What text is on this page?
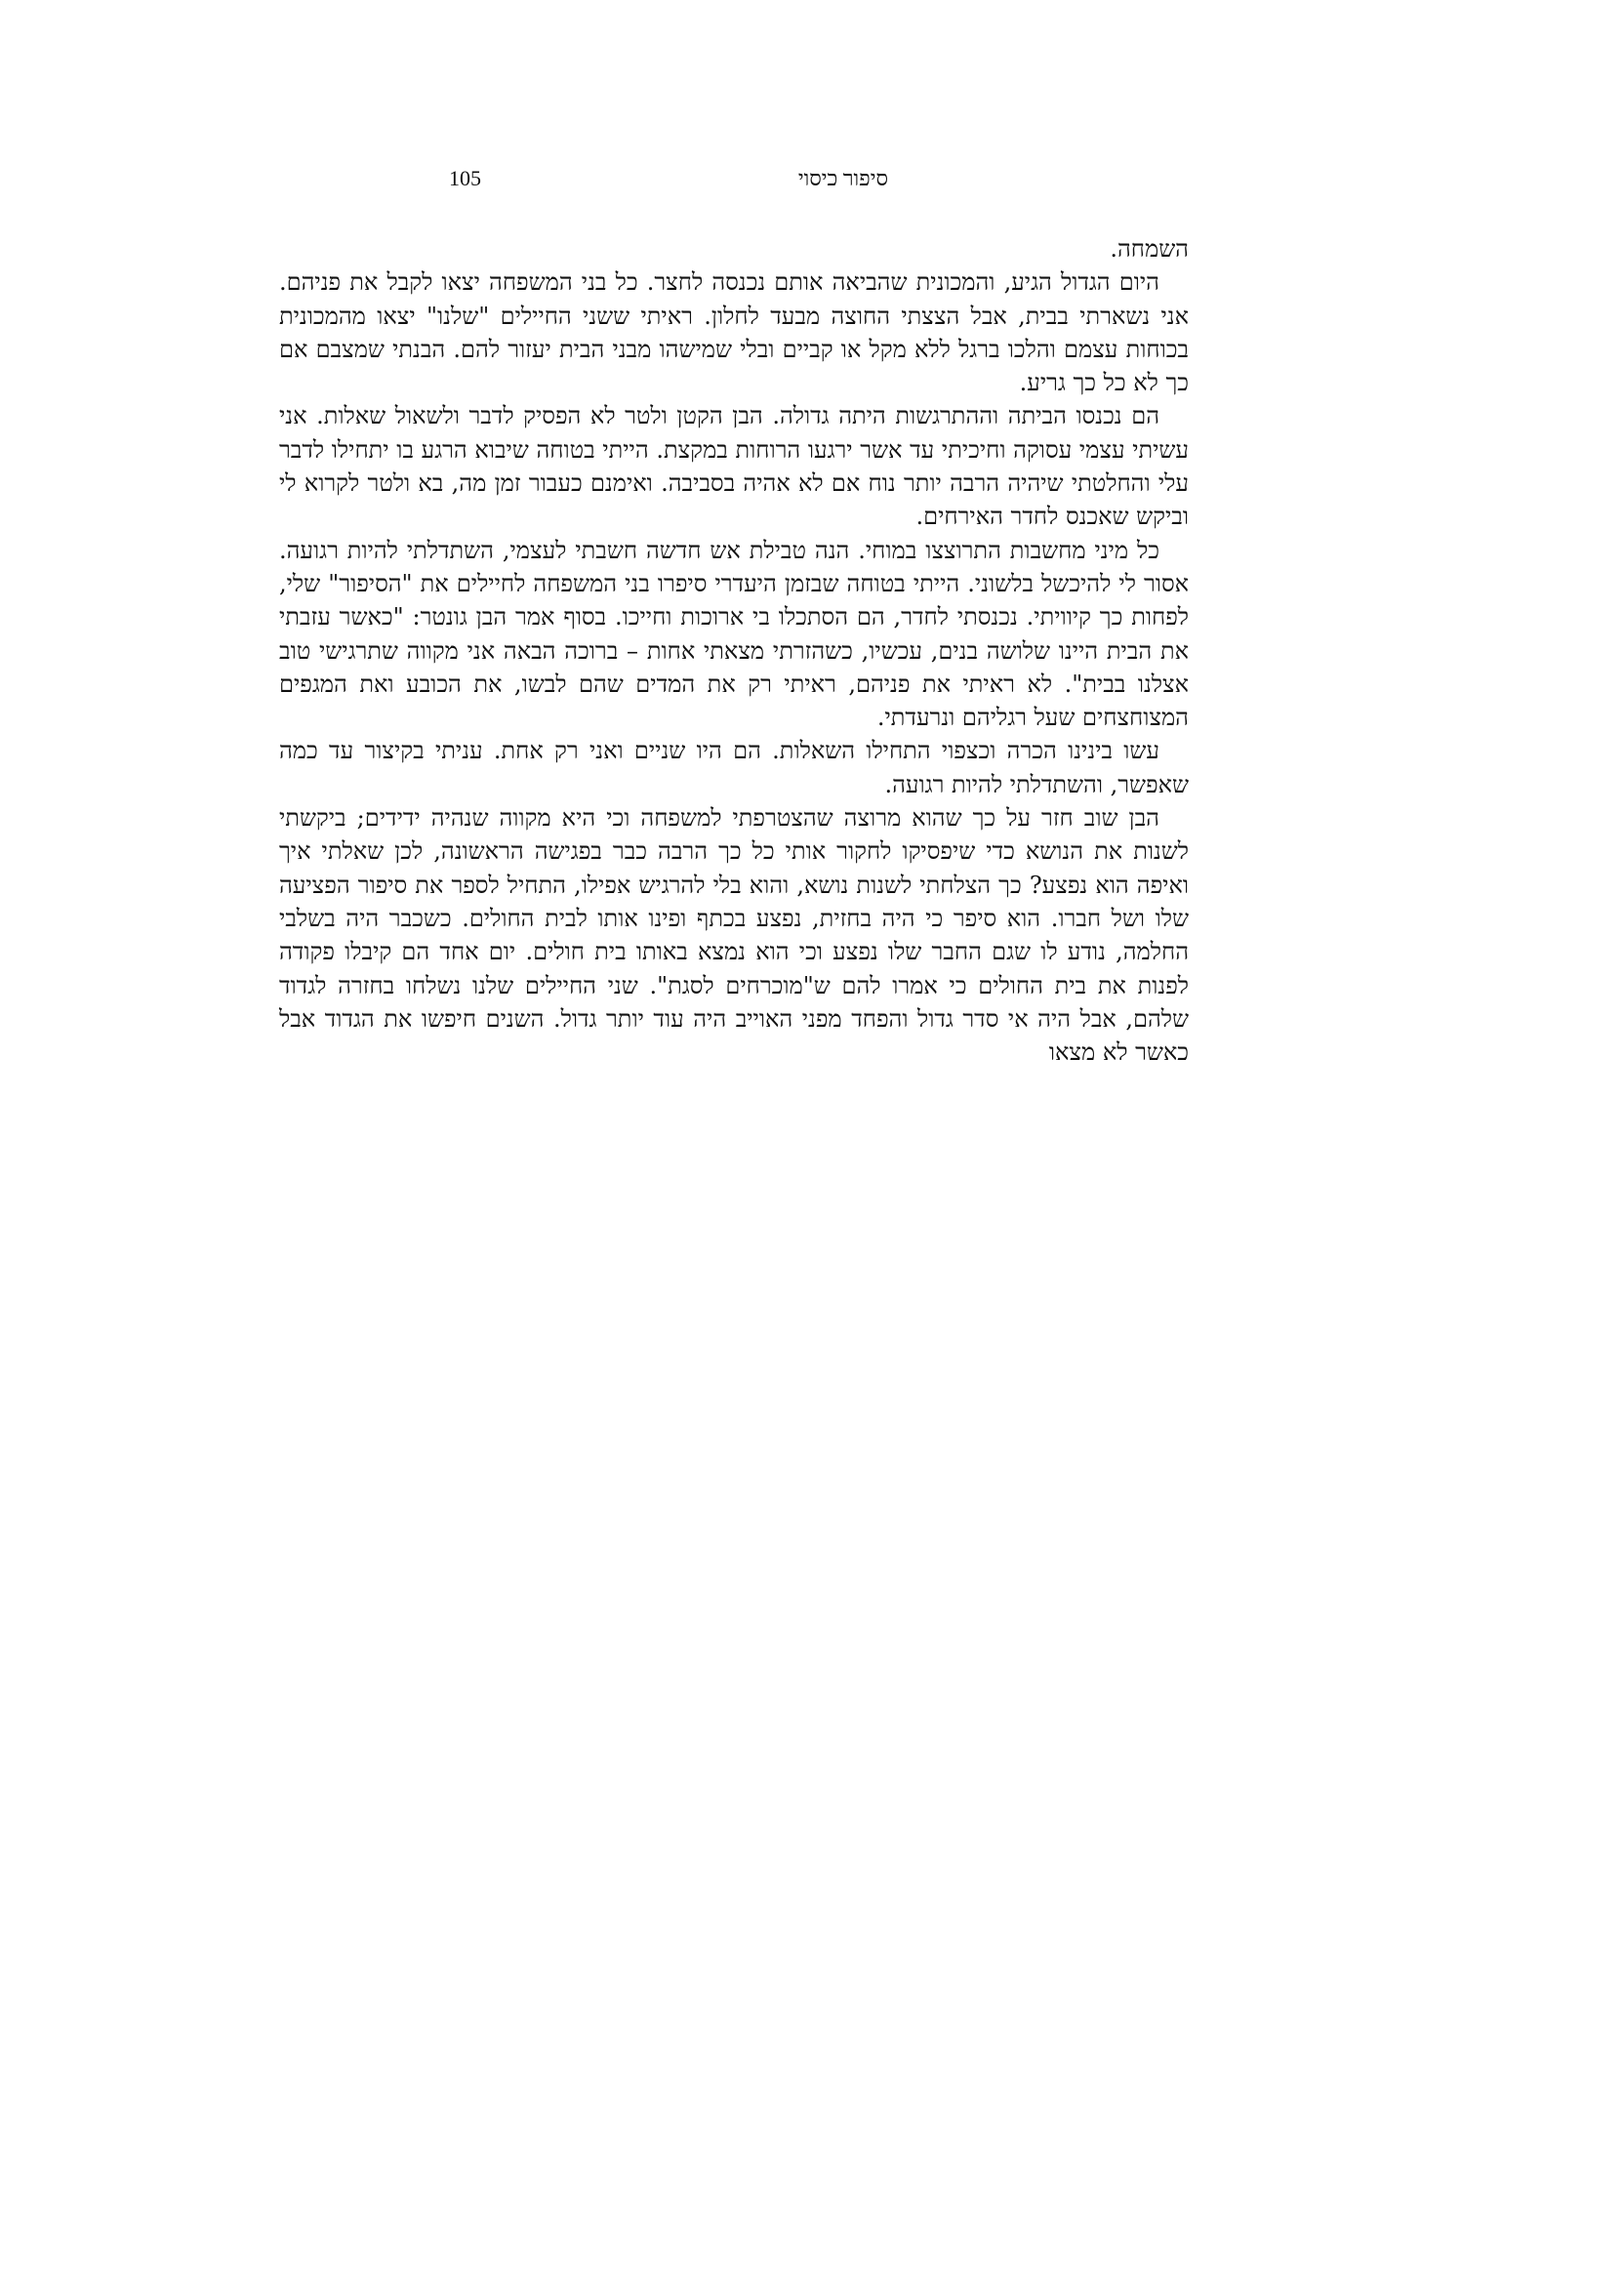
105	סיפור כיסוי

השמחה.

היום הגדול הגיע, והמכונית שהביאה אותם נכנסה לחצר. כל בני המשפחה יצאו לקבל את פניהם. אני נשארתי בבית, אבל הצצתי החוצה מבעד לחלון. ראיתי ששני החיילים "שלנו" יצאו מהמכונית בכוחות עצמם והלכו ברגל ללא מקל או קביים ובלי שמישהו מבני הבית יעזור להם. הבנתי שמצבם אם כך לא כל כך גריע.

הם נכנסו הביתה וההתרגשות היתה גדולה. הבן הקטן ולטר לא הפסיק לדבר ולשאול שאלות. אני עשיתי עצמי עסוקה וחיכיתי עד אשר ירגעו הרוחות במקצת. הייתי בטוחה שיבוא הרגע בו יתחילו לדבר עלי והחלטתי שיהיה הרבה יותר נוח אם לא אהיה בסביבה. ואימנם כעבור זמן מה, בא ולטר לקרוא לי וביקש שאכנס לחדר האירחים.

כל מיני מחשבות התרוצצו במוחי. הנה טבילת אש חדשה חשבתי לעצמי, השתדלתי להיות רגועה. אסור לי להיכשל בלשוני. הייתי בטוחה שבזמן היעדרי סיפרו בני המשפחה לחיילים את "הסיפור" שלי, לפחות כך קיוויתי. נכנסתי לחדר, הם הסתכלו בי ארוכות וחייכו. בסוף אמר הבן גונטר: "כאשר עזבתי את הבית היינו שלושה בנים, עכשיו, כשהזרתי מצאתי אחות – ברוכה הבאה אני מקווה שתרגישי טוב אצלנו בבית". לא ראיתי את פניהם, ראיתי רק את המדים שהם לבשו, את הכובע ואת המגפים המצוחצחים שעל רגליהם ונרעדתי.

עשו בינינו הכרה וכצפוי התחילו השאלות. הם היו שניים ואני רק אחת. עניתי בקיצור עד כמה שאפשר, והשתדלתי להיות רגועה.

הבן שוב חזר על כך שהוא מרוצה שהצטרפתי למשפחה וכי היא מקווה שנהיה ידידים; ביקשתי לשנות את הנושא כדי שיפסיקו לחקור אותי כל כך הרבה כבר בפגישה הראשונה, לכן שאלתי איך ואיפה הוא נפצע? כך הצלחתי לשנות נושא, והוא בלי להרגיש אפילו, התחיל לספר את סיפור הפציעה שלו ושל חברו. הוא סיפר כי היה בחזית, נפצע בכתף ופינו אותו לבית החולים. כשכבר היה בשלבי החלמה, נודע לו שגם החבר שלו נפצע וכי הוא נמצא באותו בית חולים. יום אחד הם קיבלו פקודה לפנות את בית החולים כי אמרו להם ש"מוכרחים לסגת". שני החיילים שלנו נשלחו בחזרה לגדוד שלהם, אבל היה אי סדר גדול והפחד מפני האוייב היה עוד יותר גדול. השנים חיפשו את הגדוד אבל כאשר לא מצאו
